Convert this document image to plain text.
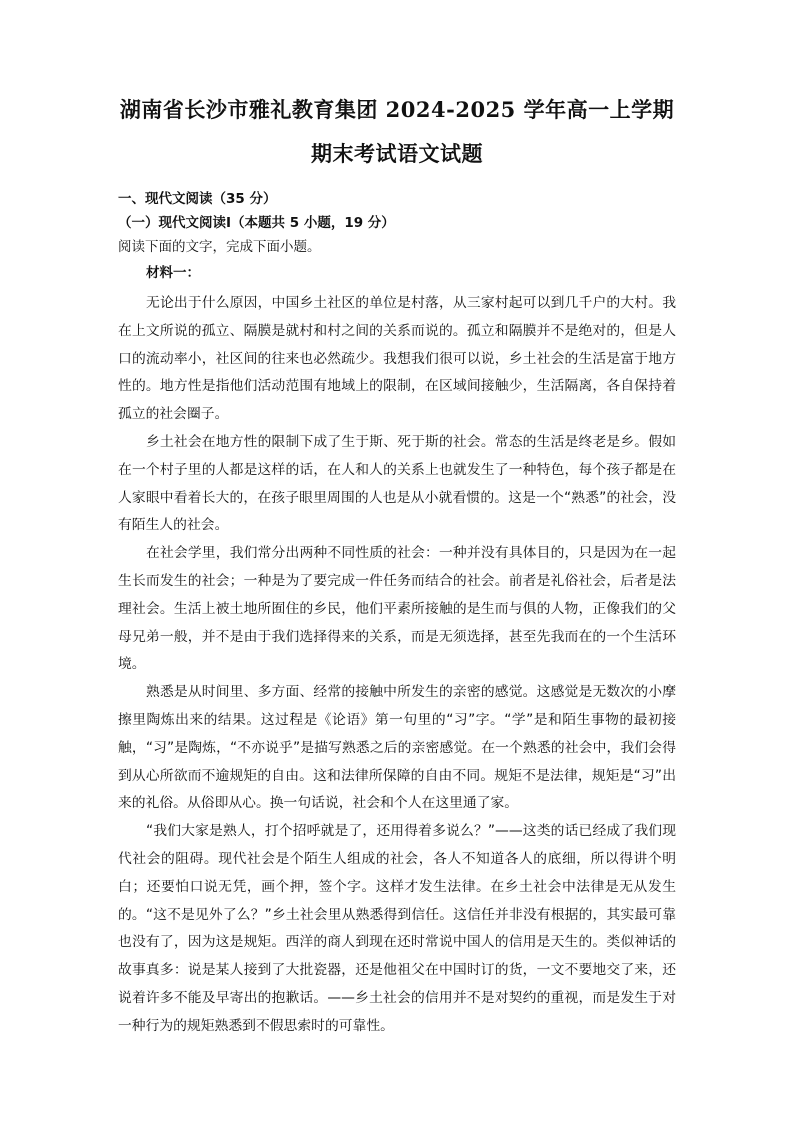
湖南省长沙市雅礼教育集团 2024-2025 学年高一上学期
期末考试语文试题

一、现代文阅读（35 分）

（一）现代文阅读Ⅰ（本题共 5 小题，19 分）

阅读下面的文字，完成下面小题。

材料一：

无论出于什么原因，中国乡土社区的单位是村落，从三家村起可以到几千户的大村。我在上文所说的孤立、隔膜是就村和村之间的关系而说的。孤立和隔膜并不是绝对的，但是人口的流动率小，社区间的往来也必然疏少。我想我们很可以说，乡土社会的生活是富于地方性的。地方性是指他们活动范围有地域上的限制，在区域间接触少，生活隔离，各自保持着孤立的社会圈子。

乡土社会在地方性的限制下成了生于斯、死于斯的社会。常态的生活是终老是乡。假如在一个村子里的人都是这样的话，在人和人的关系上也就发生了一种特色，每个孩子都是在人家眼中看着长大的，在孩子眼里周围的人也是从小就看惯的。这是一个“熟悉”的社会，没有陌生人的社会。

在社会学里，我们常分出两种不同性质的社会：一种并没有具体目的，只是因为在一起生长而发生的社会；一种是为了要完成一件任务而结合的社会。前者是礼俗社会，后者是法理社会。生活上被土地所囿住的乡民，他们平素所接触的是生而与俱的人物，正像我们的父母兄弟一般，并不是由于我们选择得来的关系，而是无须选择，甚至先我而在的一个生活环境。

熟悉是从时间里、多方面、经常的接触中所发生的亲密的感觉。这感觉是无数次的小摩擦里陶炼出来的结果。这过程是《论语》第一句里的“习”字。“学”是和陌生事物的最初接触，“习”是陶炼，“不亦说乎”是描写熟悉之后的亲密感觉。在一个熟悉的社会中，我们会得到从心所欲而不逾规矩的自由。这和法律所保障的自由不同。规矩不是法律，规矩是“习”出来的礼俗。从俗即从心。换一句话说，社会和个人在这里通了家。

“我们大家是熟人，打个招呼就是了，还用得着多说么？”——这类的话已经成了我们现代社会的阻碍。现代社会是个陌生人组成的社会，各人不知道各人的底细，所以得讲个明白；还要怕口说无凭，画个押，签个字。这样才发生法律。在乡土社会中法律是无从发生的。“这不是见外了么？”乡土社会里从熟悉得到信任。这信任并非没有根据的，其实最可靠也没有了，因为这是规矩。西洋的商人到现在还时常说中国人的信用是天生的。类似神话的故事真多：说是某人接到了大批瓷器，还是他祖父在中国时订的货，一文不要地交了来，还说着许多不能及早寄出的抱歉话。——乡土社会的信用并不是对契约的重视，而是发生于对一种行为的规矩熟悉到不假思索时的可靠性。
